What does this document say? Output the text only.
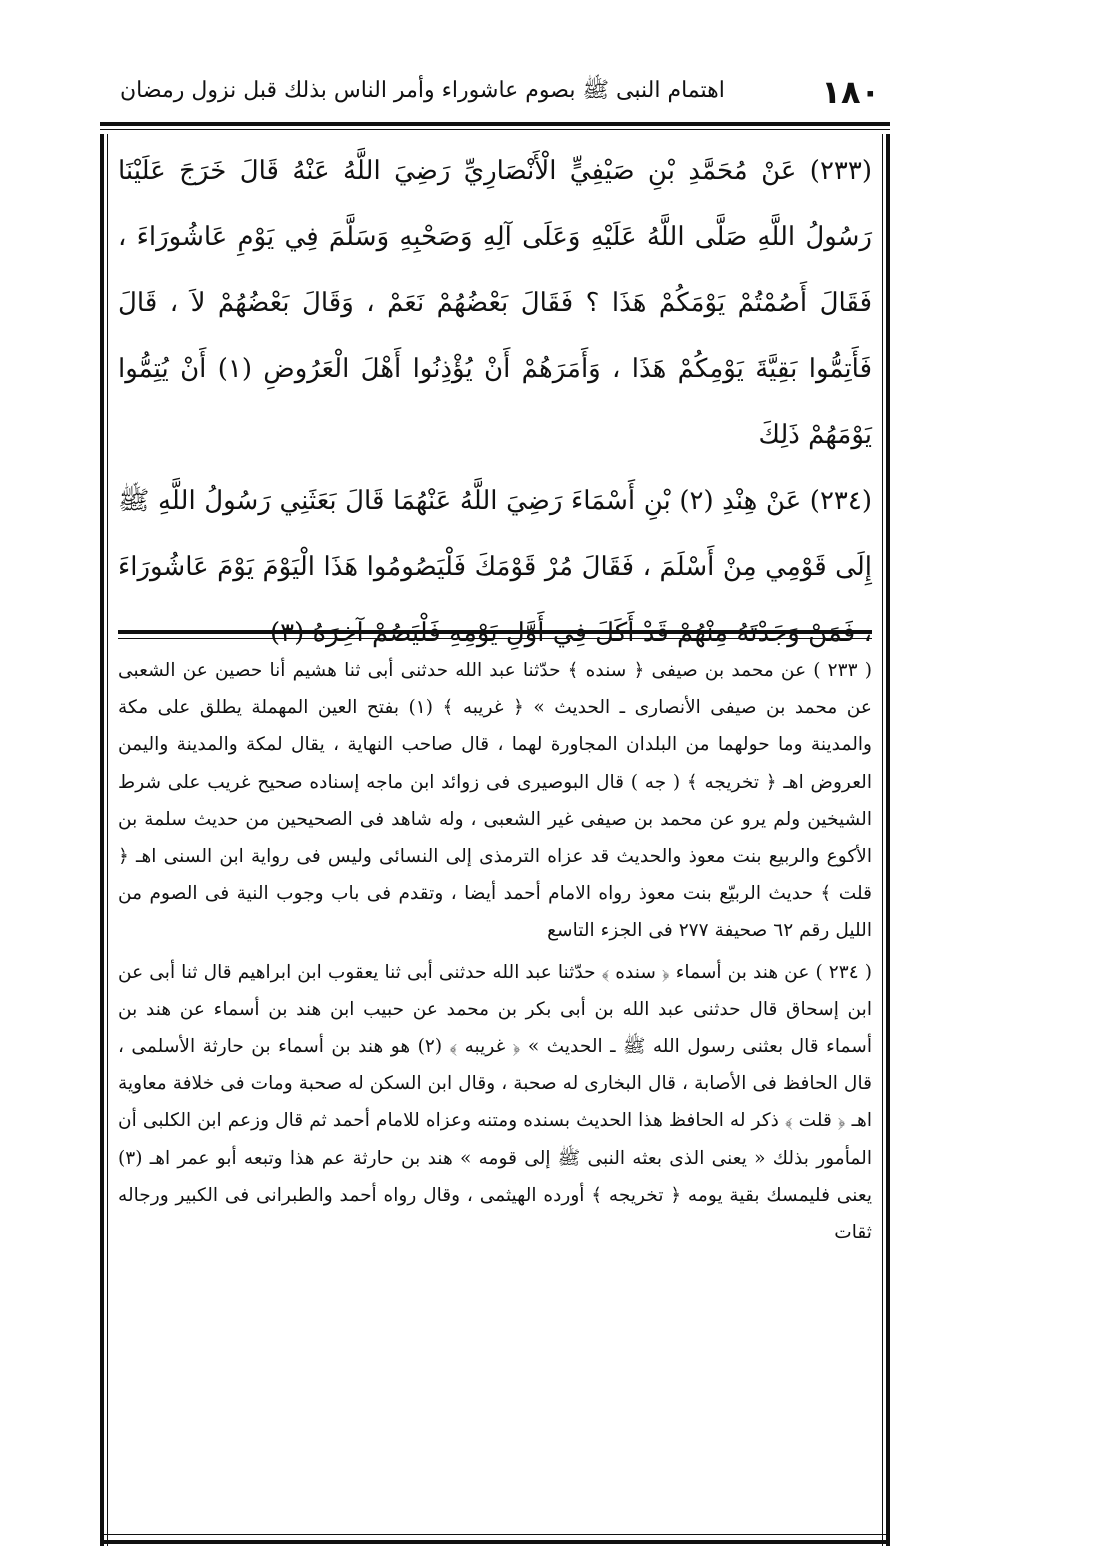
١٨٠
اهتمام النبى ﷺ بصوم عاشوراء وأمر الناس بذلك قبل نزول رمضان

(٢٣٣) عَنْ مُحَمَّدِ بْنِ صَيْفِيٍّ الْأَنْصَارِيِّ رَضِيَ اللَّهُ عَنْهُ قَالَ خَرَجَ عَلَيْنَا رَسُولُ اللَّهِ صَلَّى اللَّهُ عَلَيْهِ وَعَلَى آلِهِ وَصَحْبِهِ وَسَلَّمَ فِي يَوْمِ عَاشُورَاءَ ، فَقَالَ أَصُمْتُمْ يَوْمَكُمْ هَذَا ؟ فَقَالَ بَعْضُهُمْ نَعَمْ ، وَقَالَ بَعْضُهُمْ لاَ ، قَالَ فَأَتِمُّوا بَقِيَّةَ يَوْمِكُمْ هَذَا ، وَأَمَرَهُمْ أَنْ يُؤْذِنُوا أَهْلَ الْعَرُوضِ (١) أَنْ يُتِمُّوا يَوْمَهُمْ ذَلِكَ

(٢٣٤) عَنْ هِنْدِ (٢) بْنِ أَسْمَاءَ رَضِيَ اللَّهُ عَنْهُمَا قَالَ بَعَثَنِي رَسُولُ اللَّهِ ﷺ إِلَى قَوْمِي مِنْ أَسْلَمَ ، فَقَالَ مُرْ قَوْمَكَ فَلْيَصُومُوا هَذَا الْيَوْمَ يَوْمَ عَاشُورَاءَ

( ٢٣٣ ) عن محمد بن صيفى ﴿ سنده ﴾ حدّثنا عبد الله حدثنى أبى ثنا هشيم أنا حصين عن الشعبى عن محمد بن صيفى الأنصارى ـ الحديث » ﴿ غريبه ﴾ (١) بفتح العين المهملة يطلق على مكة والمدينة وما حولهما من البلدان المجاورة لهما ، قال صاحب النهاية ، يقال لمكة والمدينة واليمن العروض اهـ ﴿ تخريجه ﴾ ( جه ) قال البوصيرى فى زوائد ابن ماجه إسناده صحيح غريب على شرط الشيخين ولم يرو عن محمد بن صيفى غير الشعبى ، وله شاهد فى الصحيحين من حديث سلمة بن الأكوع والربيع بنت معوذ والحديث قد عزاه الترمذى إلى النسائى وليس فى رواية ابن السنى اهـ ﴿ قلت ﴾ حديث الربيّع بنت معوذ رواه الامام أحمد أيضا ، وتقدم فى باب وجوب النية فى الصوم من الليل رقم ٦٢ صحيفة ٢٧٧ فى الجزء التاسع

( ٢٣٤ ) عن هند بن أسماء ﴿ سنده ﴾ حدّثنا عبد الله حدثنى أبى ثنا يعقوب ابن ابراهيم قال ثنا أبى عن ابن إسحاق قال حدثنى عبد الله بن أبى بكر بن محمد عن حبيب ابن هند بن أسماء عن هند بن أسماء قال بعثنى رسول الله ﷺ ـ الحديث » ﴿ غريبه ﴾ (٢) هو هند بن أسماء بن حارثة الأسلمى ، قال الحافظ فى الأصابة ، قال البخارى له صحبة ، وقال ابن السكن له صحبة ومات فى خلافة معاوية اهـ ﴿ قلت ﴾ ذكر له الحافظ هذا الحديث بسنده ومتنه وعزاه للامام أحمد ثم قال وزعم ابن الكلبى أن المأمور بذلك « يعنى الذى بعثه النبى ﷺ إلى قومه » هند بن حارثة عم هذا وتبعه أبو عمر اهـ (٣) يعنى فليمسك بقية يومه ﴿ تخريجه ﴾ أورده الهيثمى ، وقال رواه أحمد والطبرانى فى الكبير ورجاله ثقات
